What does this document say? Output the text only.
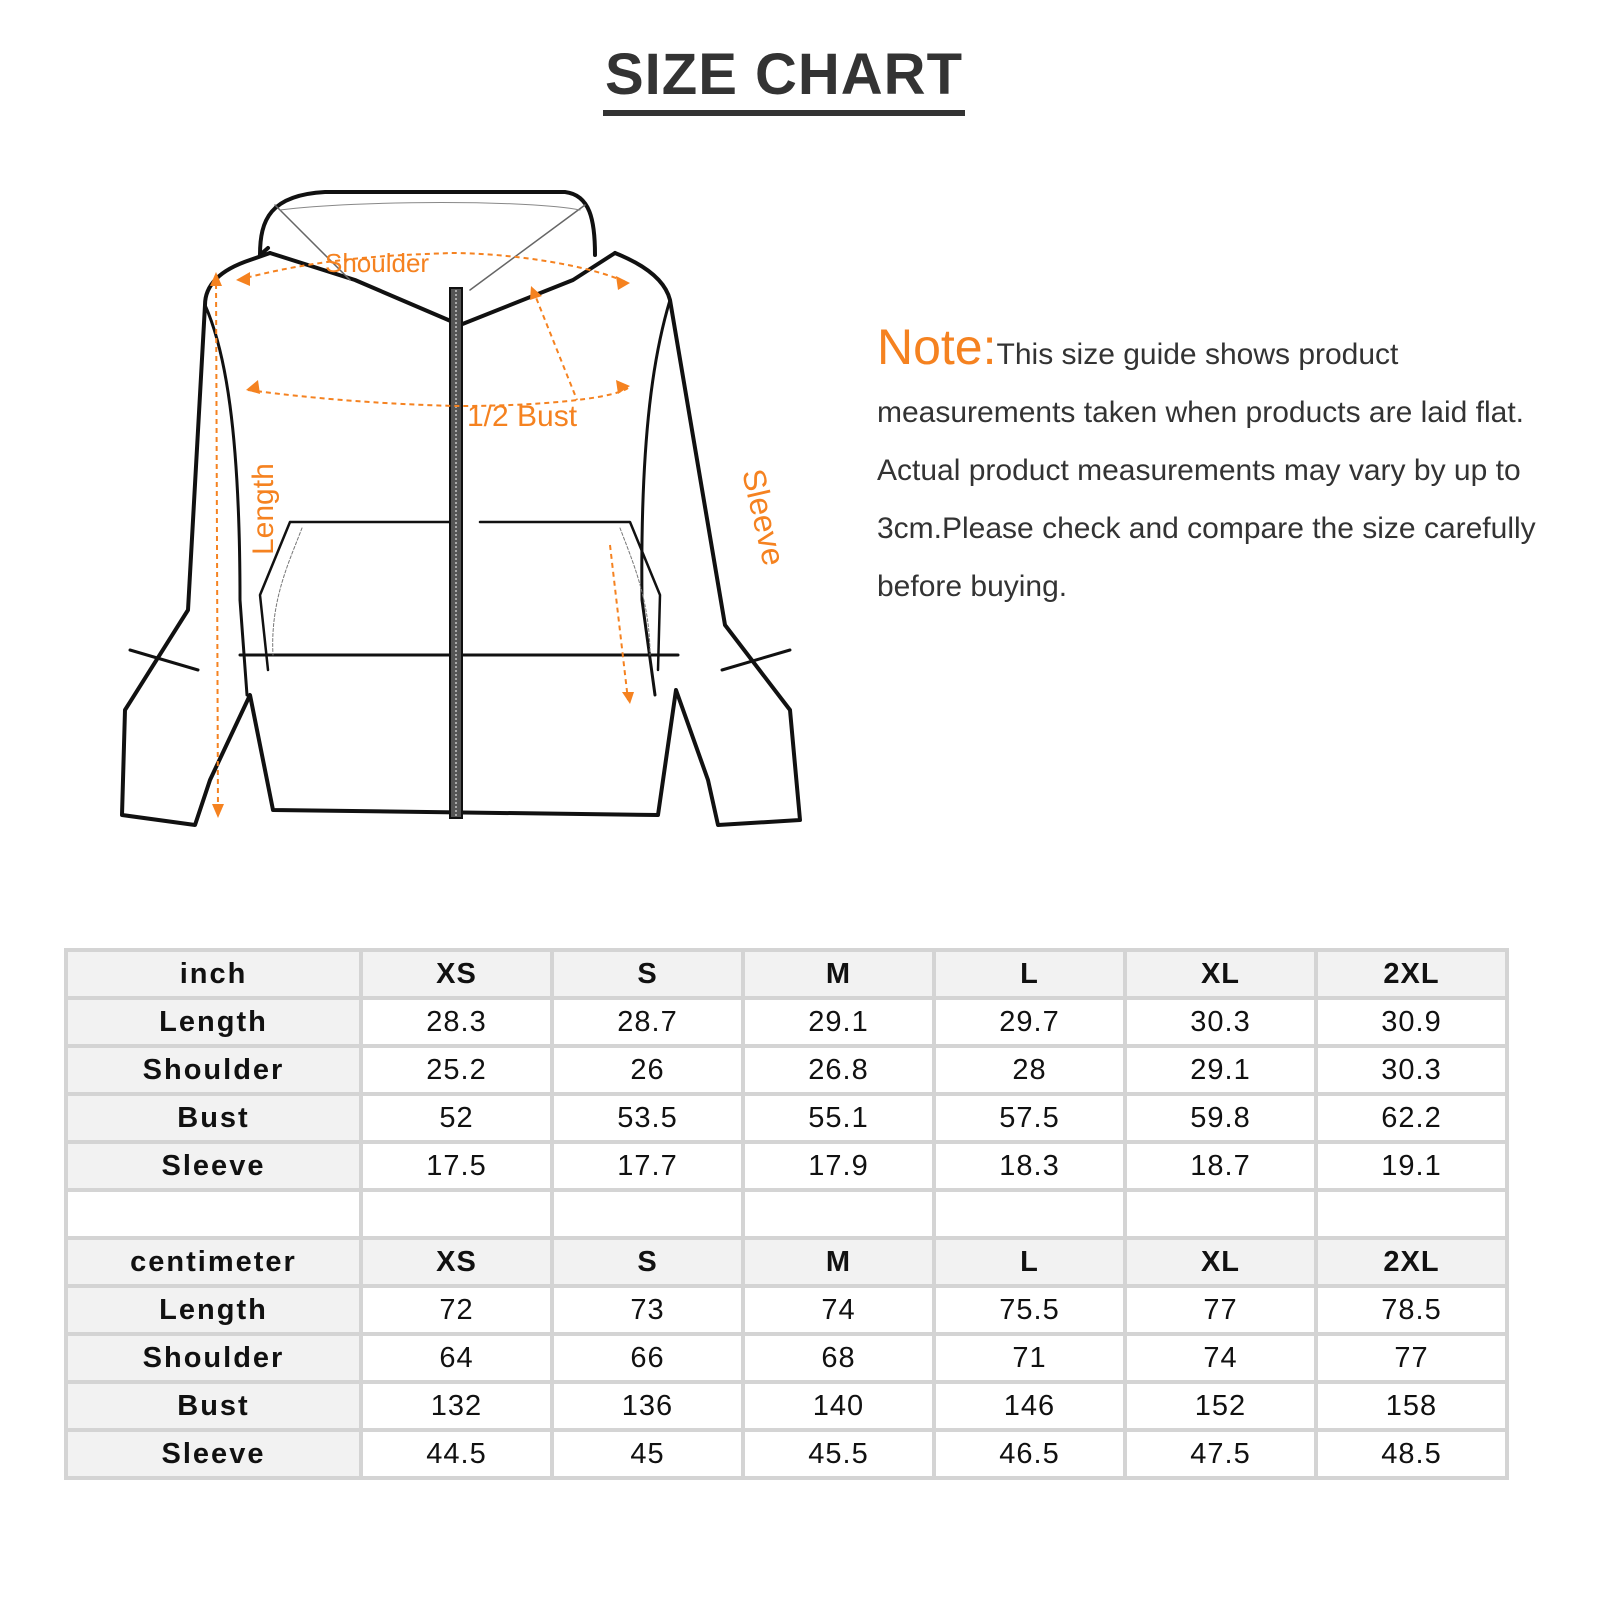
SIZE CHART
Shoulder
1/2 Bust
Length	Sleeve
Note:This size guide shows product measurements taken when products are laid flat. Actual product measurements may vary by up to 3cm.Please check and compare the size carefully before buying.
inch	XS	S	M	L	XL	2XL
Length	28.3	28.7	29.1	29.7	30.3	30.9
Shoulder	25.2	26	26.8	28	29.1	30.3
Bust	52	53.5	55.1	57.5	59.8	62.2
Sleeve	17.5	17.7	17.9	18.3	18.7	19.1

centimeter	XS	S	M	L	XL	2XL
Length	72	73	74	75.5	77	78.5
Shoulder	64	66	68	71	74	77
Bust	132	136	140	146	152	158
Sleeve	44.5	45	45.5	46.5	47.5	48.5
